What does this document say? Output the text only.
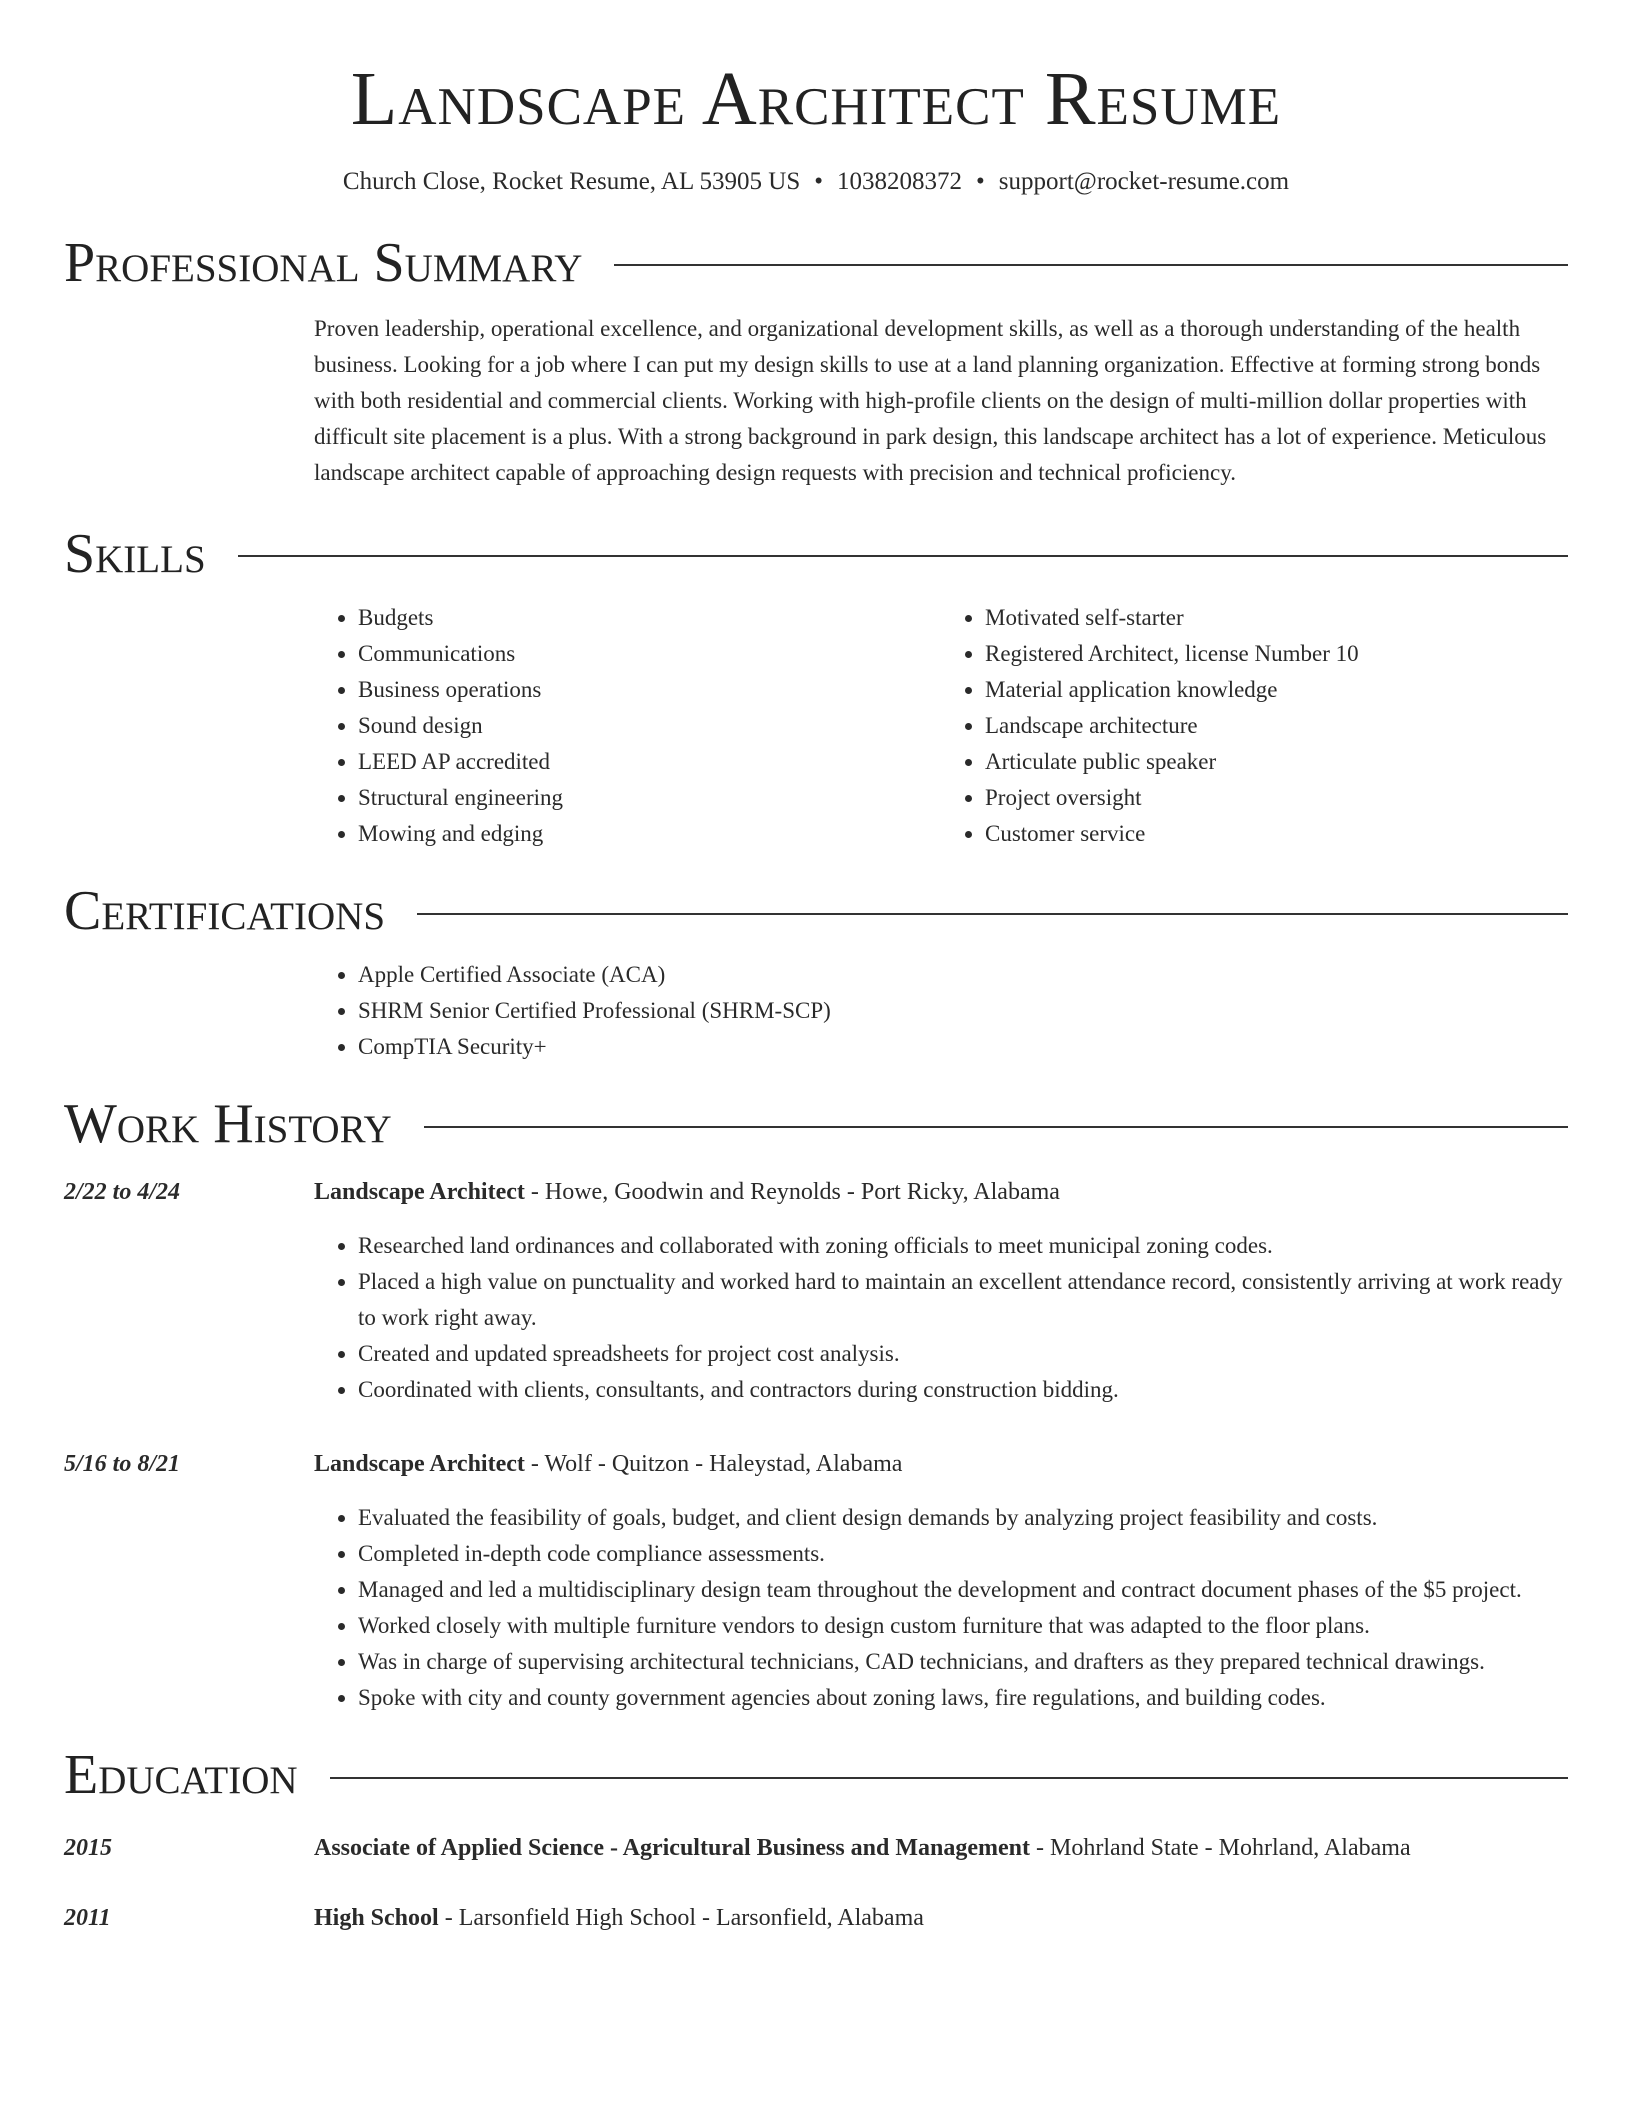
Landscape Architect Resume
Church Close, Rocket Resume, AL 53905 US • 1038208372 • support@rocket-resume.com
Professional Summary
Proven leadership, operational excellence, and organizational development skills, as well as a thorough understanding of the health business. Looking for a job where I can put my design skills to use at a land planning organization. Effective at forming strong bonds with both residential and commercial clients. Working with high-profile clients on the design of multi-million dollar properties with difficult site placement is a plus. With a strong background in park design, this landscape architect has a lot of experience. Meticulous landscape architect capable of approaching design requests with precision and technical proficiency.
Skills
• Budgets
• Communications
• Business operations
• Sound design
• LEED AP accredited
• Structural engineering
• Mowing and edging
• Motivated self-starter
• Registered Architect, license Number 10
• Material application knowledge
• Landscape architecture
• Articulate public speaker
• Project oversight
• Customer service
Certifications
• Apple Certified Associate (ACA)
• SHRM Senior Certified Professional (SHRM-SCP)
• CompTIA Security+
Work History
2/22 to 4/24	Landscape Architect - Howe, Goodwin and Reynolds - Port Ricky, Alabama
• Researched land ordinances and collaborated with zoning officials to meet municipal zoning codes.
• Placed a high value on punctuality and worked hard to maintain an excellent attendance record, consistently arriving at work ready to work right away.
• Created and updated spreadsheets for project cost analysis.
• Coordinated with clients, consultants, and contractors during construction bidding.
5/16 to 8/21	Landscape Architect - Wolf - Quitzon - Haleystad, Alabama
• Evaluated the feasibility of goals, budget, and client design demands by analyzing project feasibility and costs.
• Completed in-depth code compliance assessments.
• Managed and led a multidisciplinary design team throughout the development and contract document phases of the $5 project.
• Worked closely with multiple furniture vendors to design custom furniture that was adapted to the floor plans.
• Was in charge of supervising architectural technicians, CAD technicians, and drafters as they prepared technical drawings.
• Spoke with city and county government agencies about zoning laws, fire regulations, and building codes.
Education
2015	Associate of Applied Science - Agricultural Business and Management - Mohrland State - Mohrland, Alabama
2011	High School - Larsonfield High School - Larsonfield, Alabama
